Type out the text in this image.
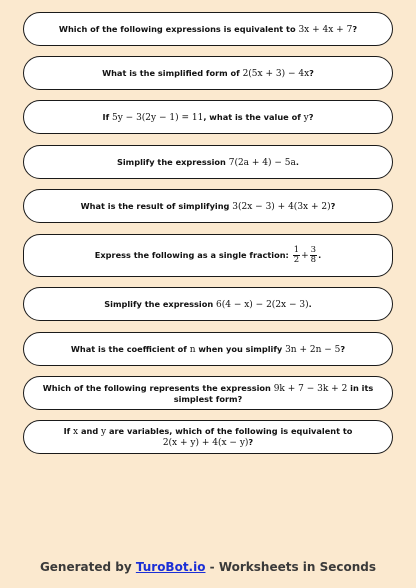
Which of the following expressions is equivalent to 3x + 4x + 7?
What is the simplified form of 2(5x + 3) − 4x?
If 5y − 3(2y − 1) = 11, what is the value of y?
Simplify the expression 7(2a + 4) − 5a.
What is the result of simplifying 3(2x − 3) + 4(3x + 2)?
Express the following as a single fraction: $\frac{1}{2} + \frac{3}{8}$ .
Simplify the expression 6(4 − x) − 2(2x − 3).
What is the coefficient of n when you simplify 3n + 2n − 5?
Which of the following represents the expression 9k + 7 − 3k + 2 in its simplest form?
If x and y are variables, which of the following is equivalent to 2(x + y) + 4(x − y)?
Generated by TuroBot.io - Worksheets in Seconds
